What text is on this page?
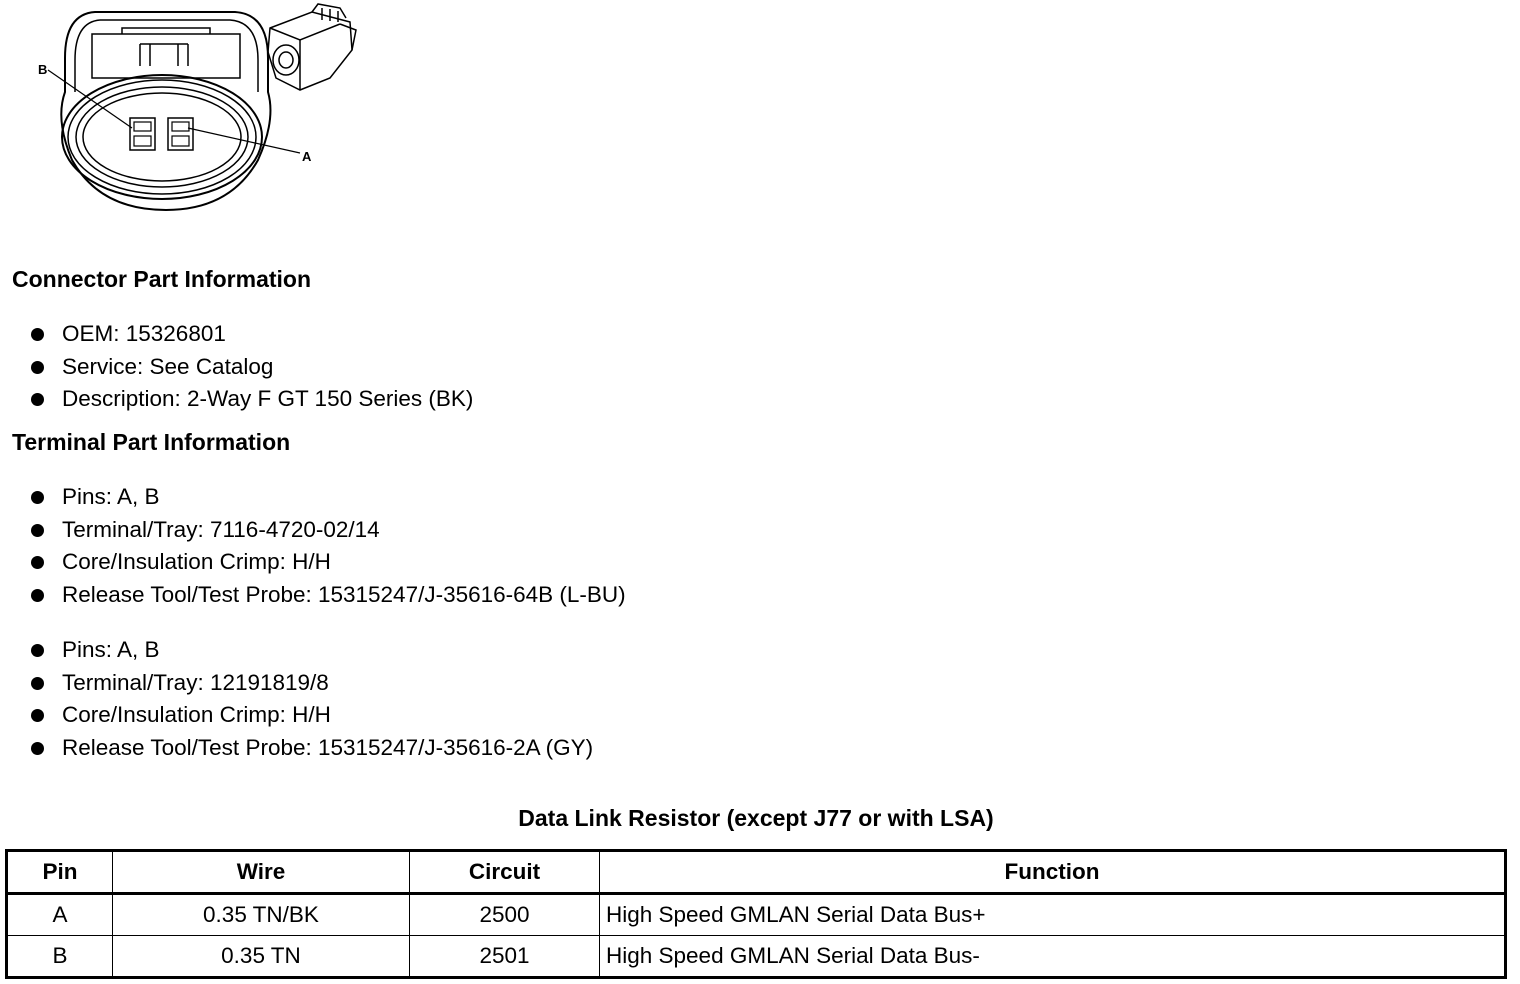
B
A
Connector Part Information
OEM: 15326801
Service: See Catalog
Description: 2-Way F GT 150 Series (BK)
Terminal Part Information
Pins: A, B
Terminal/Tray: 7116-4720-02/14
Core/Insulation Crimp: H/H
Release Tool/Test Probe: 15315247/J-35616-64B (L-BU)
Pins: A, B
Terminal/Tray: 12191819/8
Core/Insulation Crimp: H/H
Release Tool/Test Probe: 15315247/J-35616-2A (GY)
Data Link Resistor (except J77 or with LSA)
Pin	Wire	Circuit	Function
A	0.35 TN/BK	2500	High Speed GMLAN Serial Data Bus+
B	0.35 TN	2501	High Speed GMLAN Serial Data Bus-
